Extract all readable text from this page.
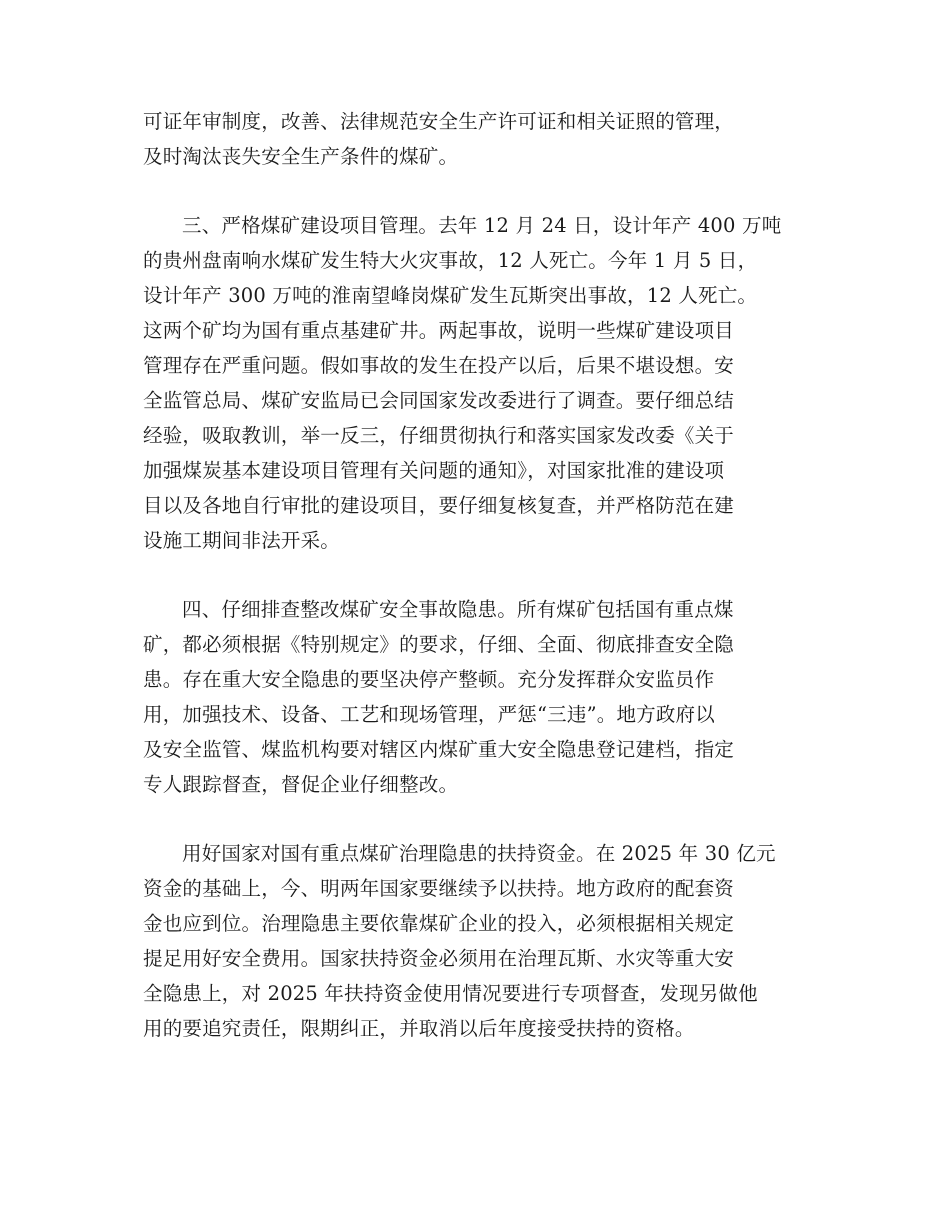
可证年审制度，改善、法律规范安全生产许可证和相关证照的管理，
及时淘汰丧失安全生产条件的煤矿。
三、严格煤矿建设项目管理。去年 12 月 24 日，设计年产 400 万吨
的贵州盘南响水煤矿发生特大火灾事故，12 人死亡。今年 1 月 5 日，
设计年产 300 万吨的淮南望峰岗煤矿发生瓦斯突出事故，12 人死亡。
这两个矿均为国有重点基建矿井。两起事故，说明一些煤矿建设项目
管理存在严重问题。假如事故的发生在投产以后，后果不堪设想。安
全监管总局、煤矿安监局已会同国家发改委进行了调查。要仔细总结
经验，吸取教训，举一反三，仔细贯彻执行和落实国家发改委《关于
加强煤炭基本建设项目管理有关问题的通知》，对国家批准的建设项
目以及各地自行审批的建设项目，要仔细复核复查，并严格防范在建
设施工期间非法开采。
四、仔细排查整改煤矿安全事故隐患。所有煤矿包括国有重点煤
矿，都必须根据《特别规定》的要求，仔细、全面、彻底排查安全隐
患。存在重大安全隐患的要坚决停产整顿。充分发挥群众安监员作
用，加强技术、设备、工艺和现场管理，严惩“三违”。地方政府以
及安全监管、煤监机构要对辖区内煤矿重大安全隐患登记建档，指定
专人跟踪督查，督促企业仔细整改。
用好国家对国有重点煤矿治理隐患的扶持资金。在 2025 年 30 亿元
资金的基础上，今、明两年国家要继续予以扶持。地方政府的配套资
金也应到位。治理隐患主要依靠煤矿企业的投入，必须根据相关规定
提足用好安全费用。国家扶持资金必须用在治理瓦斯、水灾等重大安
全隐患上，对 2025 年扶持资金使用情况要进行专项督查，发现另做他
用的要追究责任，限期纠正，并取消以后年度接受扶持的资格。
